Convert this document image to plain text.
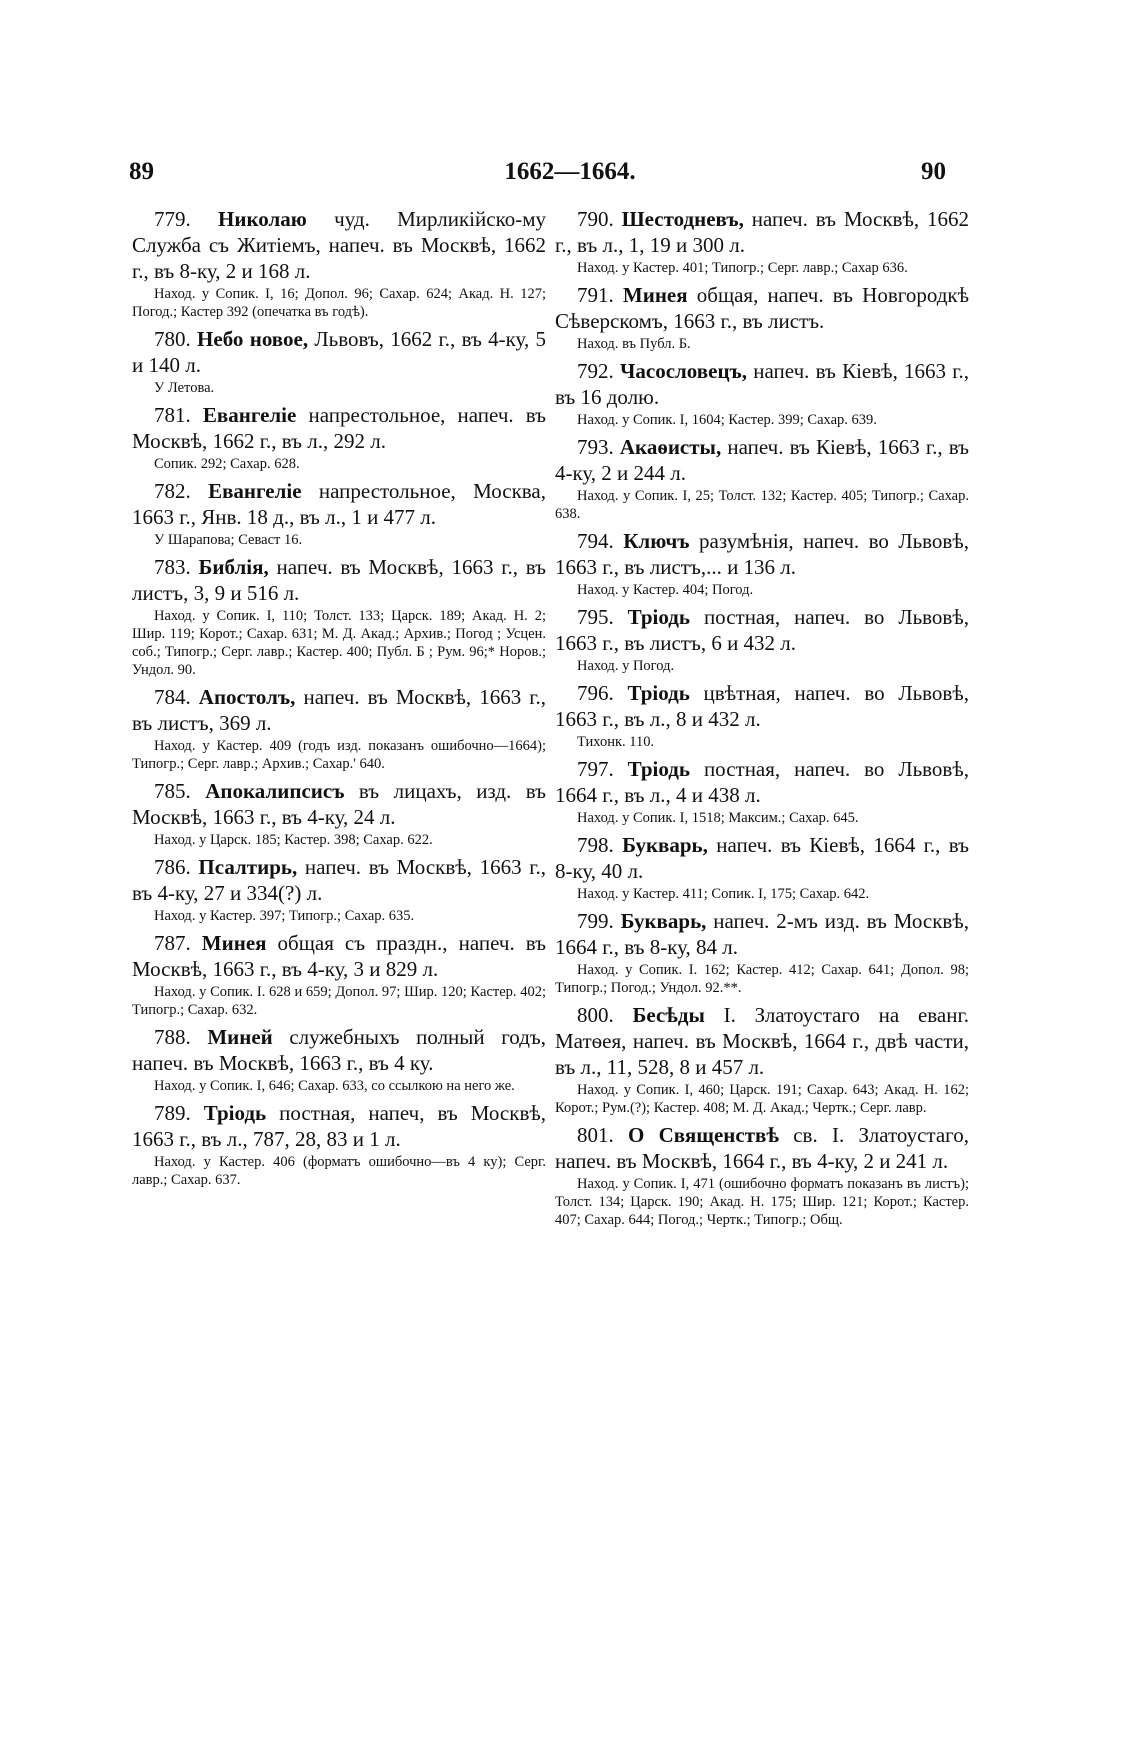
89	1662—1664.	90

779. Николаю чуд. Мирликійско-му Служба съ Житіемъ, напеч. въ Москвѣ, 1662 г., въ 8-ку, 2 и 168 л.

Наход. у Сопик. I, 16; Допол. 96; Сахар. 624; Акад. Н. 127; Погод.; Кастер 392 (опечатка въ годѣ).

780. Небо новое, Львовъ, 1662 г., въ 4-ку, 5 и 140 л.

У Летова.

781. Евангеліе напрестольное, напеч. въ Москвѣ, 1662 г., въ л., 292 л.

Сопик. 292; Сахар. 628.

782. Евангеліе напрестольное, Москва, 1663 г., Янв. 18 д., въ л., 1 и 477 л.

У Шарапова; Севаст 16.

783. Библія, напеч. въ Москвѣ, 1663 г., въ листъ, 3, 9 и 516 л.

Наход. у Сопик. I, 110; Толст. 133; Царск. 189; Акад. Н. 2; Шир. 119; Корот.; Сахар. 631; М. Д. Акад.; Архив.; Погод ; Усцен. соб.; Типогр.; Серг. лавр.; Кастер. 400; Публ. Б ; Рум. 96;* Норов.; Ундол. 90.

784. Апостолъ, напеч. въ Москвѣ, 1663 г., въ листъ, 369 л.

Наход. у Кастер. 409 (годъ изд. показанъ ошибочно—1664); Типогр.; Серг. лавр.; Архив.; Сахар.' 640.

785. Апокалипсисъ въ лицахъ, изд. въ Москвѣ, 1663 г., въ 4-ку, 24 л.

Наход. у Царск. 185; Кастер. 398; Сахар. 622.

786. Псалтирь, напеч. въ Москвѣ, 1663 г., въ 4-ку, 27 и 334(?) л.

Наход. у Кастер. 397; Типогр.; Сахар. 635.

787. Минея общая съ праздн., напеч. въ Москвѣ, 1663 г., въ 4-ку, 3 и 829 л.

Наход. у Сопик. I. 628 и 659; Допол. 97; Шир. 120; Кастер. 402; Типогр.; Сахар. 632.

788. Миней служебныхъ полный годъ, напеч. въ Москвѣ, 1663 г., въ 4 ку.

Наход. у Сопик. I, 646; Сахар. 633, со ссылкою на него же.

789. Тріодь постная, напеч, въ Москвѣ, 1663 г., въ л., 787, 28, 83 и 1 л.

Наход. у Кастер. 406 (форматъ ошибочно—въ 4 ку); Серг. лавр.; Сахар. 637.

790. Шестодневъ, напеч. въ Москвѣ, 1662 г., въ л., 1, 19 и 300 л.

Наход. у Кастер. 401; Типогр.; Серг. лавр.; Сахар 636.

791. Минея общая, напеч. въ Новгородкѣ Сѣверскомъ, 1663 г., въ листъ.

Наход. въ Публ. Б.

792. Часословецъ, напеч. въ Кіевѣ, 1663 г., въ 16 долю.

Наход. у Сопик. I, 1604; Кастер. 399; Сахар. 639.

793. Акаѳисты, напеч. въ Кіевѣ, 1663 г., въ 4-ку, 2 и 244 л.

Наход. у Сопик. I, 25; Толст. 132; Кастер. 405; Типогр.; Сахар. 638.

794. Ключъ разумѣнія, напеч. во Львовѣ, 1663 г., въ листъ,... и 136 л.

Наход. у Кастер. 404; Погод.

795. Тріодь постная, напеч. во Львовѣ, 1663 г., въ листъ, 6 и 432 л.

Наход. у Погод.

796. Тріодь цвѣтная, напеч. во Львовѣ, 1663 г., въ л., 8 и 432 л.

Тихонк. 110.

797. Тріодь постная, напеч. во Львовѣ, 1664 г., въ л., 4 и 438 л.

Наход. у Сопик. I, 1518; Максим.; Сахар. 645.

798. Букварь, напеч. въ Кіевѣ, 1664 г., въ 8-ку, 40 л.

Наход. у Кастер. 411; Сопик. I, 175; Сахар. 642.

799. Букварь, напеч. 2-мъ изд. въ Москвѣ, 1664 г., въ 8-ку, 84 л.

Наход. у Сопик. I. 162; Кастер. 412; Сахар. 641; Допол. 98; Типогр.; Погод.; Ундол. 92.**.

800. Бесѣды I. Златоустаго на еванг. Матѳея, напеч. въ Москвѣ, 1664 г., двѣ части, въ л., 11, 528, 8 и 457 л.

Наход. у Сопик. I, 460; Царск. 191; Сахар. 643; Акад. Н. 162; Корот.; Рум.(?); Кастер. 408; М. Д. Акад.; Чертк.; Серг. лавр.

801. О Священствѣ св. I. Златоустаго, напеч. въ Москвѣ, 1664 г., въ 4-ку, 2 и 241 л.

Наход. у Сопик. I, 471 (ошибочно форматъ показанъ въ листъ); Толст. 134; Царск. 190; Акад. Н. 175; Шир. 121; Корот.; Кастер. 407; Сахар. 644; Погод.; Чертк.; Типогр.; Общ.
